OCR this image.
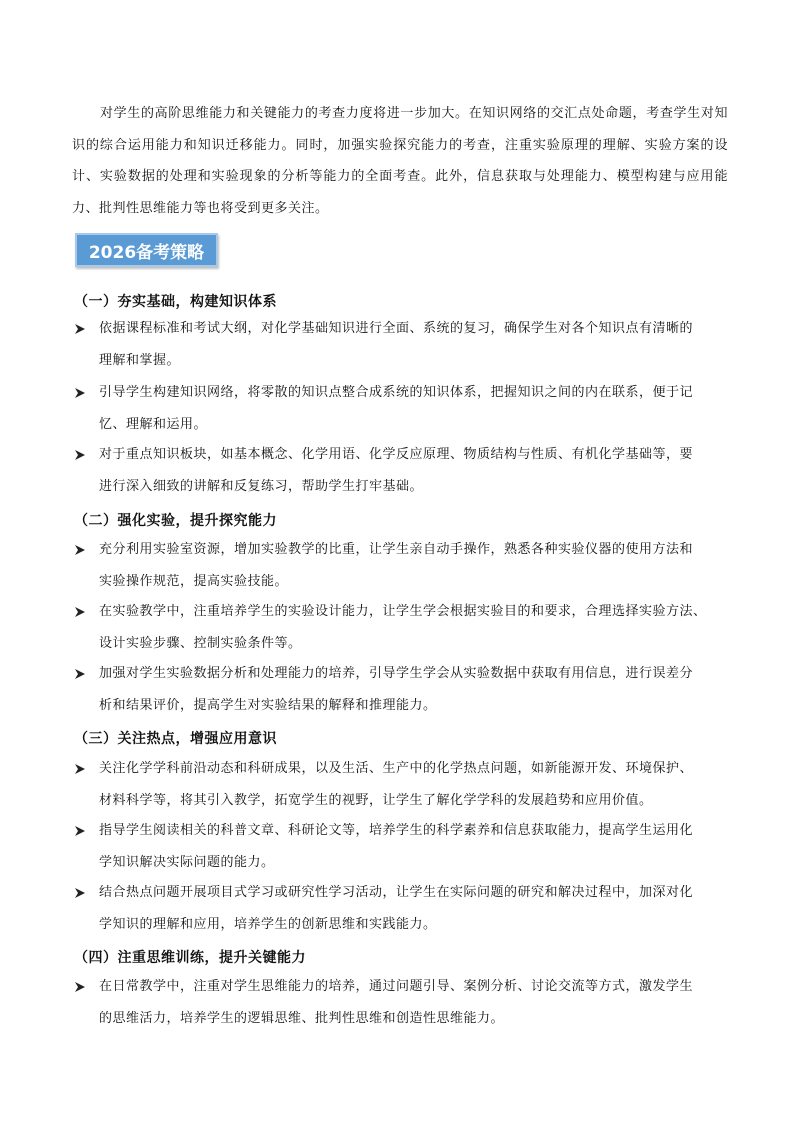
对学生的高阶思维能力和关键能力的考查力度将进一步加大。在知识网络的交汇点处命题，考查学生对知识的综合运用能力和知识迁移能力。同时，加强实验探究能力的考查，注重实验原理的理解、实验方案的设计、实验数据的处理和实验现象的分析等能力的全面考查。此外，信息获取与处理能力、模型构建与应用能力、批判性思维能力等也将受到更多关注。

2026备考策略

（一）夯实基础，构建知识体系

依据课程标准和考试大纲，对化学基础知识进行全面、系统的复习，确保学生对各个知识点有清晰的
理解和掌握。

引导学生构建知识网络，将零散的知识点整合成系统的知识体系，把握知识之间的内在联系，便于记
忆、理解和运用。

对于重点知识板块，如基本概念、化学用语、化学反应原理、物质结构与性质、有机化学基础等，要
进行深入细致的讲解和反复练习，帮助学生打牢基础。

（二）强化实验，提升探究能力

充分利用实验室资源，增加实验教学的比重，让学生亲自动手操作，熟悉各种实验仪器的使用方法和
实验操作规范，提高实验技能。

在实验教学中，注重培养学生的实验设计能力，让学生学会根据实验目的和要求，合理选择实验方法、
设计实验步骤、控制实验条件等。

加强对学生实验数据分析和处理能力的培养，引导学生学会从实验数据中获取有用信息，进行误差分
析和结果评价，提高学生对实验结果的解释和推理能力。

（三）关注热点，增强应用意识

关注化学学科前沿动态和科研成果，以及生活、生产中的化学热点问题，如新能源开发、环境保护、
材料科学等，将其引入教学，拓宽学生的视野，让学生了解化学学科的发展趋势和应用价值。

指导学生阅读相关的科普文章、科研论文等，培养学生的科学素养和信息获取能力，提高学生运用化
学知识解决实际问题的能力。

结合热点问题开展项目式学习或研究性学习活动，让学生在实际问题的研究和解决过程中，加深对化
学知识的理解和应用，培养学生的创新思维和实践能力。

（四）注重思维训练，提升关键能力

在日常教学中，注重对学生思维能力的培养，通过问题引导、案例分析、讨论交流等方式，激发学生
的思维活力，培养学生的逻辑思维、批判性思维和创造性思维能力。
